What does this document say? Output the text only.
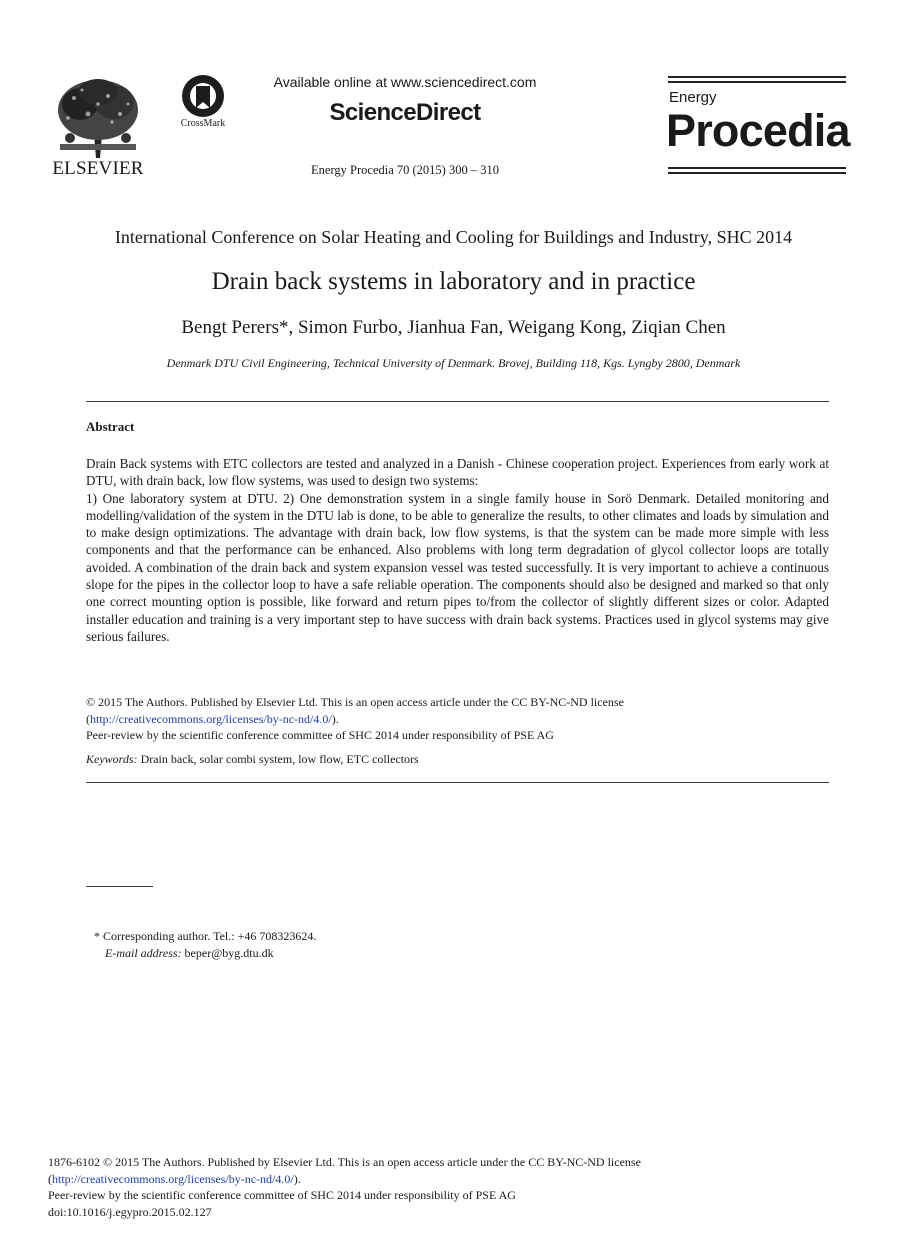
ELSEVIER
CrossMark
Available online at www.sciencedirect.com
ScienceDirect
Energy Procedia 70 (2015) 300 – 310
Energy
Procedia
International Conference on Solar Heating and Cooling for Buildings and Industry, SHC 2014
Drain back systems in laboratory and in practice
Bengt Perers*, Simon Furbo, Jianhua Fan, Weigang Kong, Ziqian Chen
Denmark DTU Civil Engineering, Technical University of Denmark. Brovej, Building 118, Kgs. Lyngby 2800, Denmark
Abstract

Drain Back systems with ETC collectors are tested and analyzed in a Danish - Chinese cooperation project. Experiences from early work at DTU, with drain back, low flow systems, was used to design two systems:

1) One laboratory system at DTU. 2) One demonstration system in a single family house in Sorö Denmark. Detailed monitoring and modelling/validation of the system in the DTU lab is done, to be able to generalize the results, to other climates and loads by simulation and to make design optimizations. The advantage with drain back, low flow systems, is that the system can be made more simple with less components and that the performance can be enhanced. Also problems with long term degradation of glycol collector loops are totally avoided. A combination of the drain back and system expansion vessel was tested successfully. It is very important to achieve a continuous slope for the pipes in the collector loop to have a safe reliable operation. The components should also be designed and marked so that only one correct mounting option is possible, like forward and return pipes to/from the collector of slightly different sizes or color. Adapted installer education and training is a very important step to have success with drain back systems. Practices used in glycol systems may give serious failures.

© 2015 The Authors. Published by Elsevier Ltd. This is an open access article under the CC BY-NC-ND license

(http://creativecommons.org/licenses/by-nc-nd/4.0/).

Peer-review by the scientific conference committee of SHC 2014 under responsibility of PSE AG

Keywords: Drain back, solar combi system, low flow, ETC collectors

* Corresponding author. Tel.: +46 708323624.

E-mail address: beper@byg.dtu.dk

1876-6102 © 2015 The Authors. Published by Elsevier Ltd. This is an open access article under the CC BY-NC-ND license

(http://creativecommons.org/licenses/by-nc-nd/4.0/).

Peer-review by the scientific conference committee of SHC 2014 under responsibility of PSE AG

doi:10.1016/j.egypro.2015.02.127
